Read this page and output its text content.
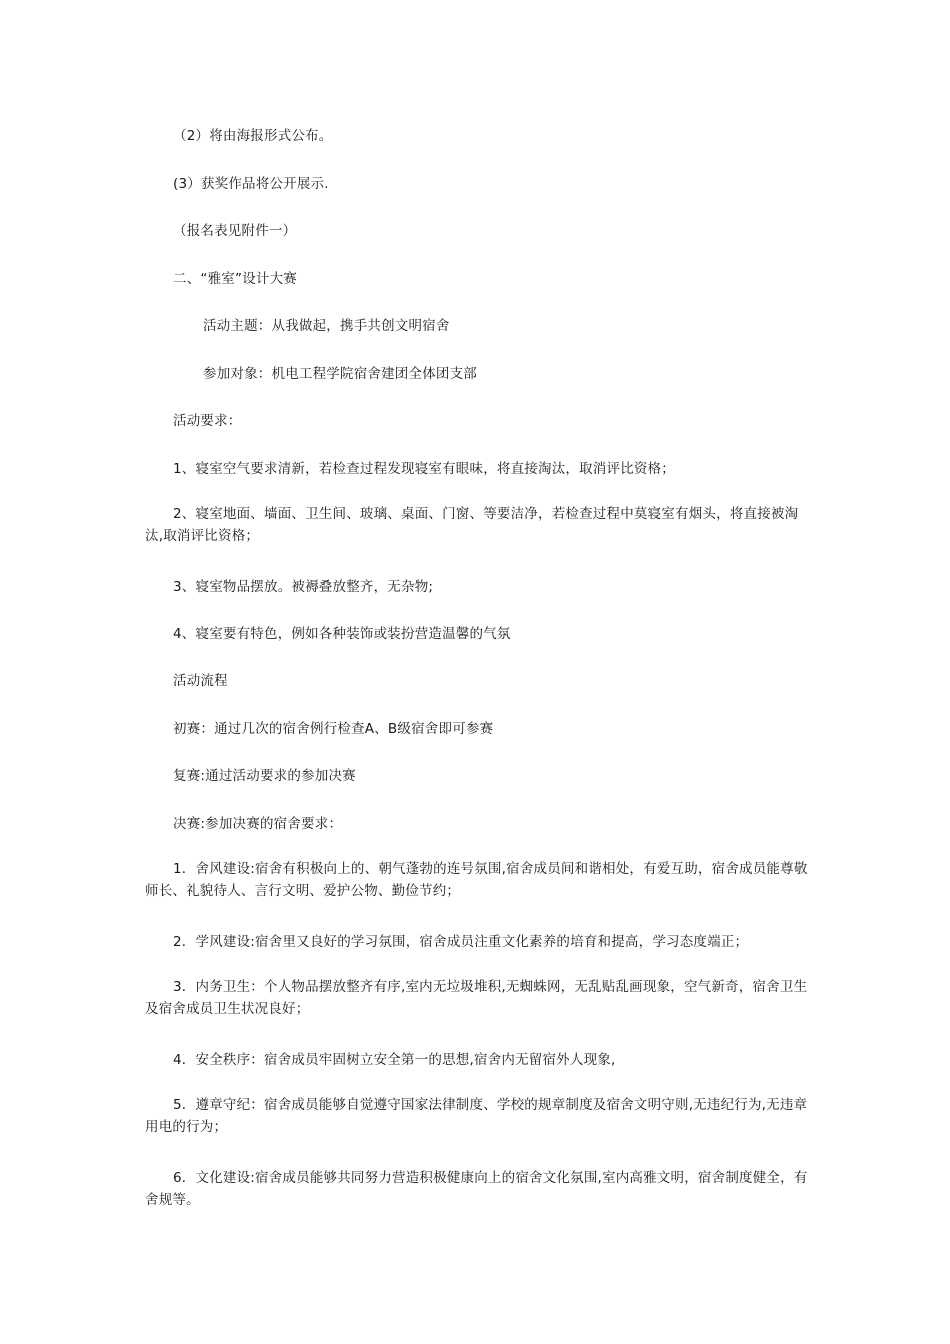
（2）将由海报形式公布。
(3）获奖作品将公开展示.
（报名表见附件一）
二、“雅室”设计大赛
活动主题：从我做起，携手共创文明宿舍
参加对象：机电工程学院宿舍建团全体团支部
活动要求：
1、寝室空气要求清新，若检查过程发现寝室有眼味，将直接淘汰，取消评比资格；
2、寝室地面、墙面、卫生间、玻璃、桌面、门窗、等要洁净，若检查过程中莫寝室有烟头，将直接被淘汰,取消评比资格；
3、寝室物品摆放。被褥叠放整齐，无杂物;
4、寝室要有特色，例如各种装饰或装扮营造温馨的气氛
活动流程
初赛：通过几次的宿舍例行检查A、B级宿舍即可参赛
复赛:通过活动要求的参加决赛
决赛:参加决赛的宿舍要求：
1．舍风建设:宿舍有积极向上的、朝气蓬勃的连号氛围,宿舍成员间和谐相处，有爱互助，宿舍成员能尊敬师长、礼貌待人、言行文明、爱护公物、勤俭节约；
2．学风建设:宿舍里又良好的学习氛围，宿舍成员注重文化素养的培育和提高，学习态度端正；
3．内务卫生：个人物品摆放整齐有序,室内无垃圾堆积,无蜘蛛网，无乱贴乱画现象，空气新奇，宿舍卫生及宿舍成员卫生状况良好；
4．安全秩序：宿舍成员牢固树立安全第一的思想,宿舍内无留宿外人现象,
5．遵章守纪：宿舍成员能够自觉遵守国家法律制度、学校的规章制度及宿舍文明守则,无违纪行为,无违章用电的行为；
6．文化建设:宿舍成员能够共同努力营造积极健康向上的宿舍文化氛围,室内高雅文明，宿舍制度健全，有舍规等。
